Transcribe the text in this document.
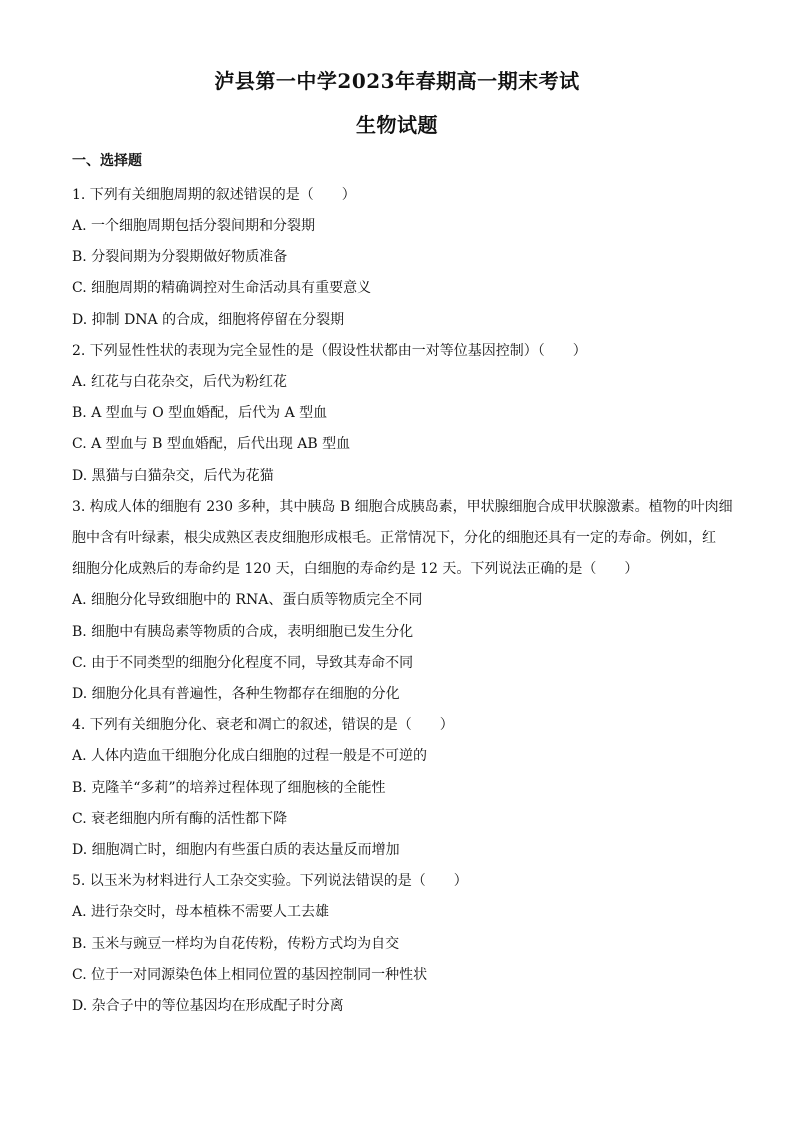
泸县第一中学2023年春期高一期末考试
生物试题
一、选择题
1. 下列有关细胞周期的叙述错误的是（　　）
A. 一个细胞周期包括分裂间期和分裂期
B. 分裂间期为分裂期做好物质准备
C. 细胞周期的精确调控对生命活动具有重要意义
D. 抑制 DNA 的合成，细胞将停留在分裂期
2. 下列显性性状的表现为完全显性的是（假设性状都由一对等位基因控制）（　　）
A. 红花与白花杂交，后代为粉红花
B. A 型血与 O 型血婚配，后代为 A 型血
C. A 型血与 B 型血婚配，后代出现 AB 型血
D. 黑猫与白猫杂交，后代为花猫
3. 构成人体的细胞有 230 多种，其中胰岛 B 细胞合成胰岛素，甲状腺细胞合成甲状腺激素。植物的叶肉细
胞中含有叶绿素，根尖成熟区表皮细胞形成根毛。正常情况下，分化的细胞还具有一定的寿命。例如，红
细胞分化成熟后的寿命约是 120 天，白细胞的寿命约是 12 天。下列说法正确的是（　　）
A. 细胞分化导致细胞中的 RNA、蛋白质等物质完全不同
B. 细胞中有胰岛素等物质的合成，表明细胞已发生分化
C. 由于不同类型的细胞分化程度不同，导致其寿命不同
D. 细胞分化具有普遍性，各种生物都存在细胞的分化
4. 下列有关细胞分化、衰老和凋亡的叙述，错误的是（　　）
A. 人体内造血干细胞分化成白细胞的过程一般是不可逆的
B. 克隆羊“多莉”的培养过程体现了细胞核的全能性
C. 衰老细胞内所有酶的活性都下降
D. 细胞凋亡时，细胞内有些蛋白质的表达量反而增加
5. 以玉米为材料进行人工杂交实验。下列说法错误的是（　　）
A. 进行杂交时，母本植株不需要人工去雄
B. 玉米与豌豆一样均为自花传粉，传粉方式均为自交
C. 位于一对同源染色体上相同位置的基因控制同一种性状
D. 杂合子中的等位基因均在形成配子时分离
